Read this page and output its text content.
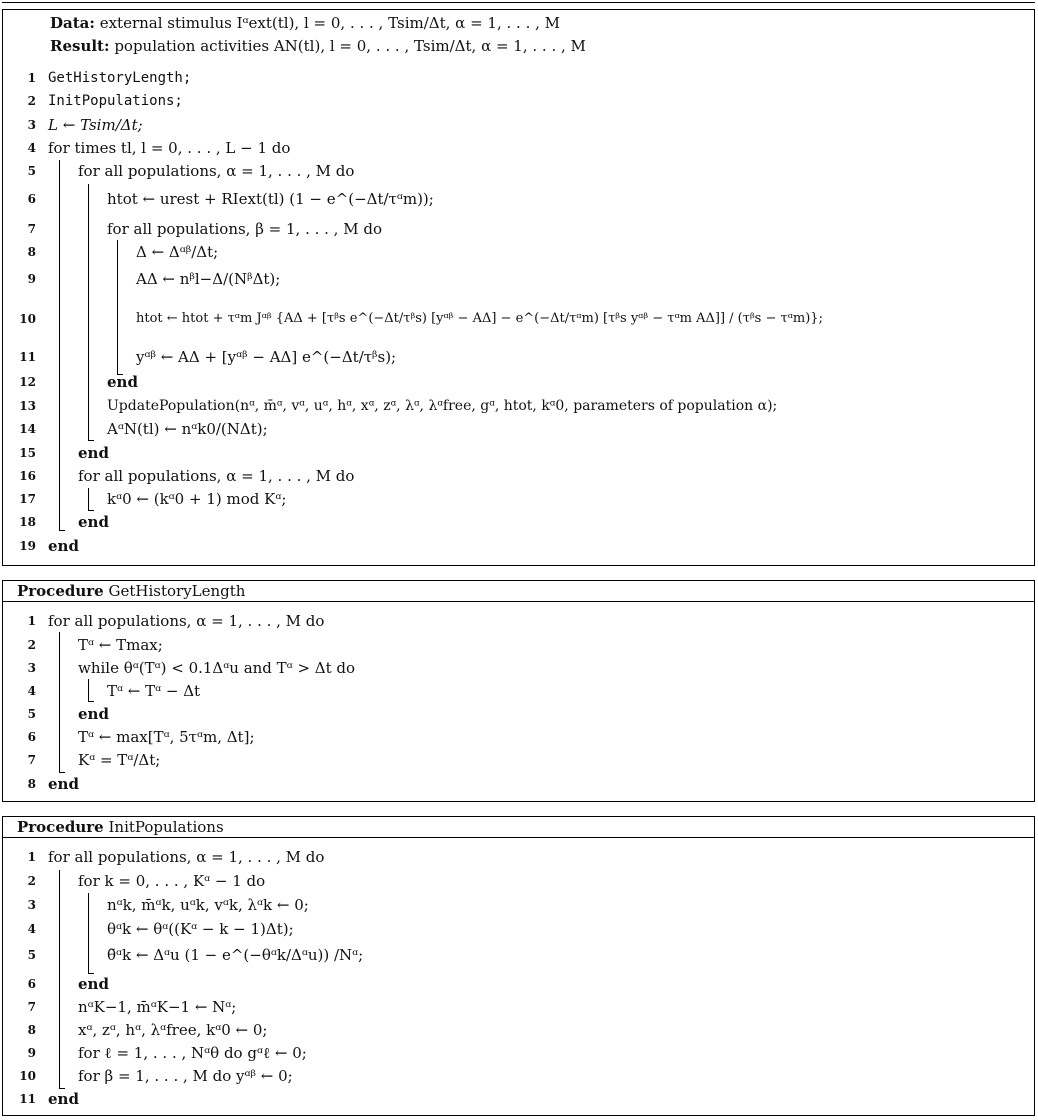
Data: external stimulus Iᵅext(tl), l = 0, . . . , Tsim/Δt, α = 1, . . . , M
Result: population activities AN(tl), l = 0, . . . , Tsim/Δt, α = 1, . . . , M
1 GetHistoryLength;
2 InitPopulations;
3 L ← Tsim/Δt;
4 for times tl, l = 0, . . . , L − 1 do
5	for all populations, α = 1, . . . , M do
6	htot ← urest + RIext(tl) (1 − e^(−Δt/τᵅm));
7	for all populations, β = 1, . . . , M do
8	Δ ← Δᵅᵝ/Δt;
9	AΔ ← nᵝl−Δ/(NᵝΔt);
10	htot ← htot + τᵅm Jᵅᵝ {AΔ + [τᵝs e^(−Δt/τᵝs) [yᵅᵝ − AΔ] − e^(−Δt/τᵅm) [τᵝs yᵅᵝ − τᵅm AΔ]] / (τᵝs − τᵅm)};
11	yᵅᵝ ← AΔ + [yᵅᵝ − AΔ] e^(−Δt/τᵝs);
12	end
13	UpdatePopulation(nᵅ, m̄ᵅ, vᵅ, uᵅ, hᵅ, xᵅ, zᵅ, λᵅ, λᵅfree, gᵅ, htot, kᵅ0, parameters of population α);
14	AᵅN(tl) ← nᵅk0/(NΔt);
15	end
16	for all populations, α = 1, . . . , M do
17	kᵅ0 ← (kᵅ0 + 1) mod Kᵅ;
18	end
19 end
Procedure GetHistoryLength
1 for all populations, α = 1, . . . , M do
2	Tᵅ ← Tmax;
3	while θᵅ(Tᵅ) < 0.1Δᵅu and Tᵅ > Δt do
4	Tᵅ ← Tᵅ − Δt
5	end
6	Tᵅ ← max[Tᵅ, 5τᵅm, Δt];
7	Kᵅ = Tᵅ/Δt;
8 end
Procedure InitPopulations
1 for all populations, α = 1, . . . , M do
2	for k = 0, . . . , Kᵅ − 1 do
3	nᵅk, m̄ᵅk, uᵅk, vᵅk, λᵅk ← 0;
4	θᵅk ← θᵅ((Kᵅ − k − 1)Δt);
5	θ̃ᵅk ← Δᵅu (1 − e^(−θᵅk/Δᵅu)) /Nᵅ;
6	end
7	nᵅK−1, m̄ᵅK−1 ← Nᵅ;
8	xᵅ, zᵅ, hᵅ, λᵅfree, kᵅ0 ← 0;
9	for ℓ = 1, . . . , Nᵅθ do gᵅℓ ← 0;
10	for β = 1, . . . , M do yᵅᵝ ← 0;
11 end
